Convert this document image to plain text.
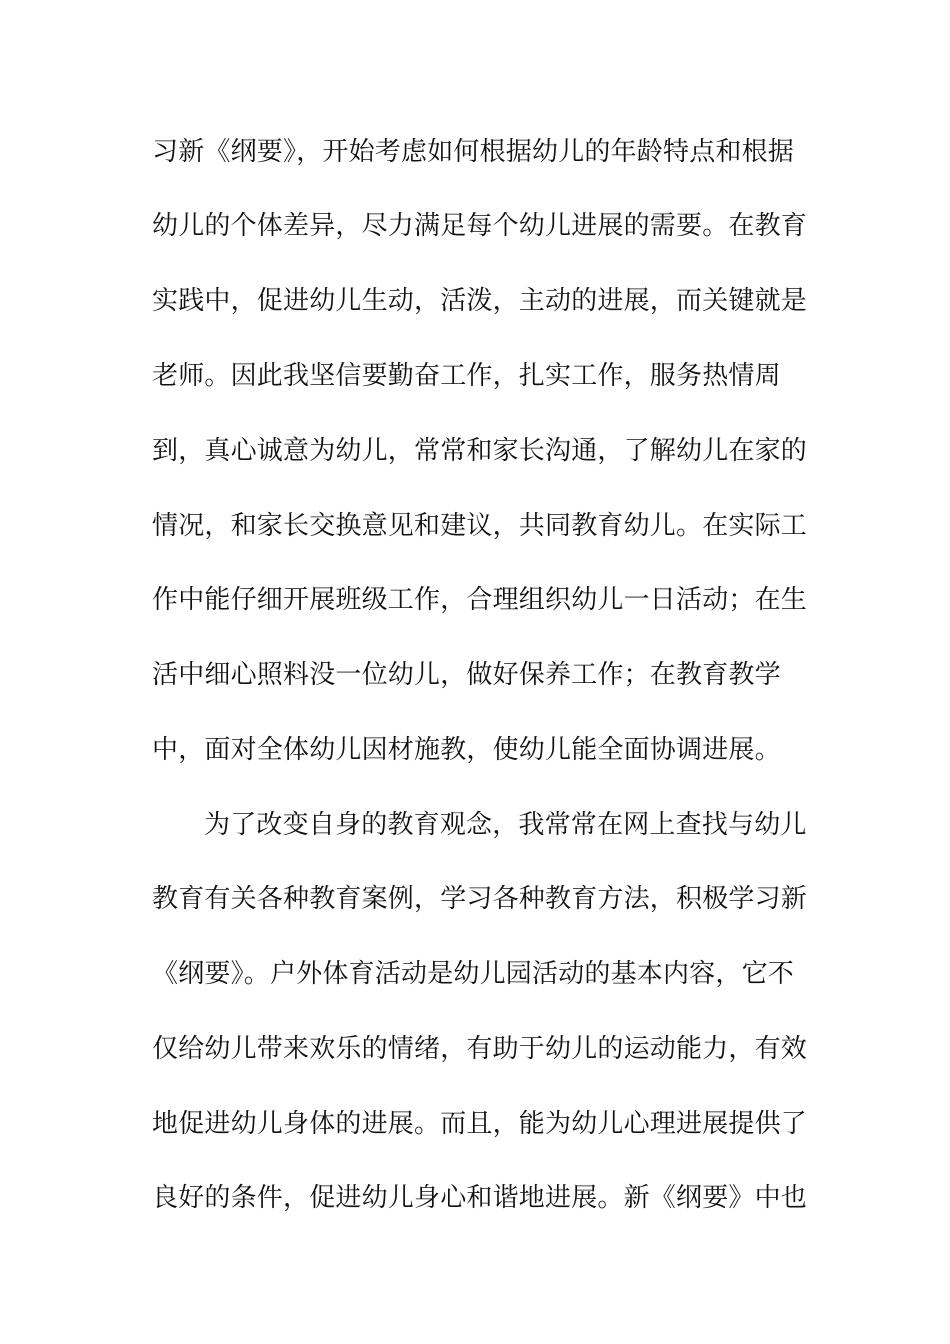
习新《纲要》，开始考虑如何根据幼儿的年龄特点和根据
幼儿的个体差异，尽力满足每个幼儿进展的需要。在教育
实践中，促进幼儿生动，活泼，主动的进展，而关键就是
老师。因此我坚信要勤奋工作，扎实工作，服务热情周
到，真心诚意为幼儿，常常和家长沟通，了解幼儿在家的
情况，和家长交换意见和建议，共同教育幼儿。在实际工
作中能仔细开展班级工作，合理组织幼儿一日活动；在生
活中细心照料没一位幼儿，做好保养工作；在教育教学
中，面对全体幼儿因材施教，使幼儿能全面协调进展。
为了改变自身的教育观念，我常常在网上查找与幼儿
教育有关各种教育案例，学习各种教育方法，积极学习新
《纲要》。户外体育活动是幼儿园活动的基本内容，它不
仅给幼儿带来欢乐的情绪，有助于幼儿的运动能力，有效
地促进幼儿身体的进展。而且，能为幼儿心理进展提供了
良好的条件，促进幼儿身心和谐地进展。新《纲要》中也
